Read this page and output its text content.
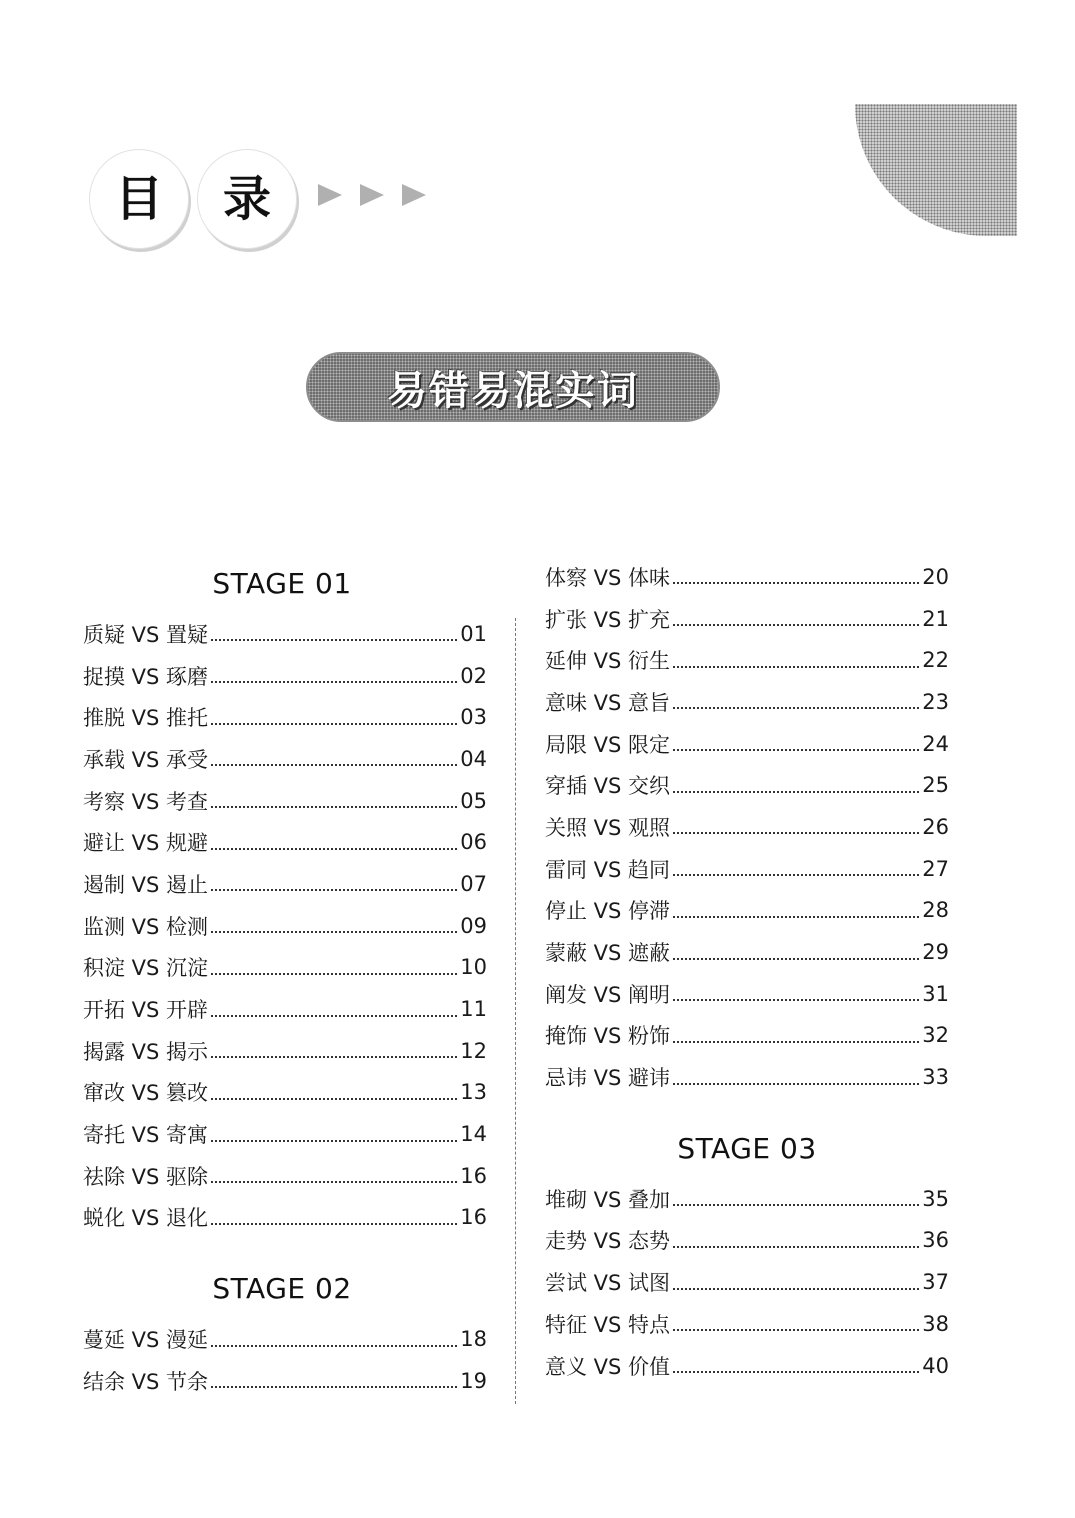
目	录
易错易混实词
STAGE 01
质疑 VS 置疑	01
捉摸 VS 琢磨	02
推脱 VS 推托	03
承载 VS 承受	04
考察 VS 考查	05
避让 VS 规避	06
遏制 VS 遏止	07
监测 VS 检测	09
积淀 VS 沉淀	10
开拓 VS 开辟	11
揭露 VS 揭示	12
窜改 VS 篡改	13
寄托 VS 寄寓	14
祛除 VS 驱除	16
蜕化 VS 退化	16
STAGE 02
蔓延 VS 漫延	18
结余 VS 节余	19
体察 VS 体味	20
扩张 VS 扩充	21
延伸 VS 衍生	22
意味 VS 意旨	23
局限 VS 限定	24
穿插 VS 交织	25
关照 VS 观照	26
雷同 VS 趋同	27
停止 VS 停滞	28
蒙蔽 VS 遮蔽	29
阐发 VS 阐明	31
掩饰 VS 粉饰	32
忌讳 VS 避讳	33
STAGE 03
堆砌 VS 叠加	35
走势 VS 态势	36
尝试 VS 试图	37
特征 VS 特点	38
意义 VS 价值	40
